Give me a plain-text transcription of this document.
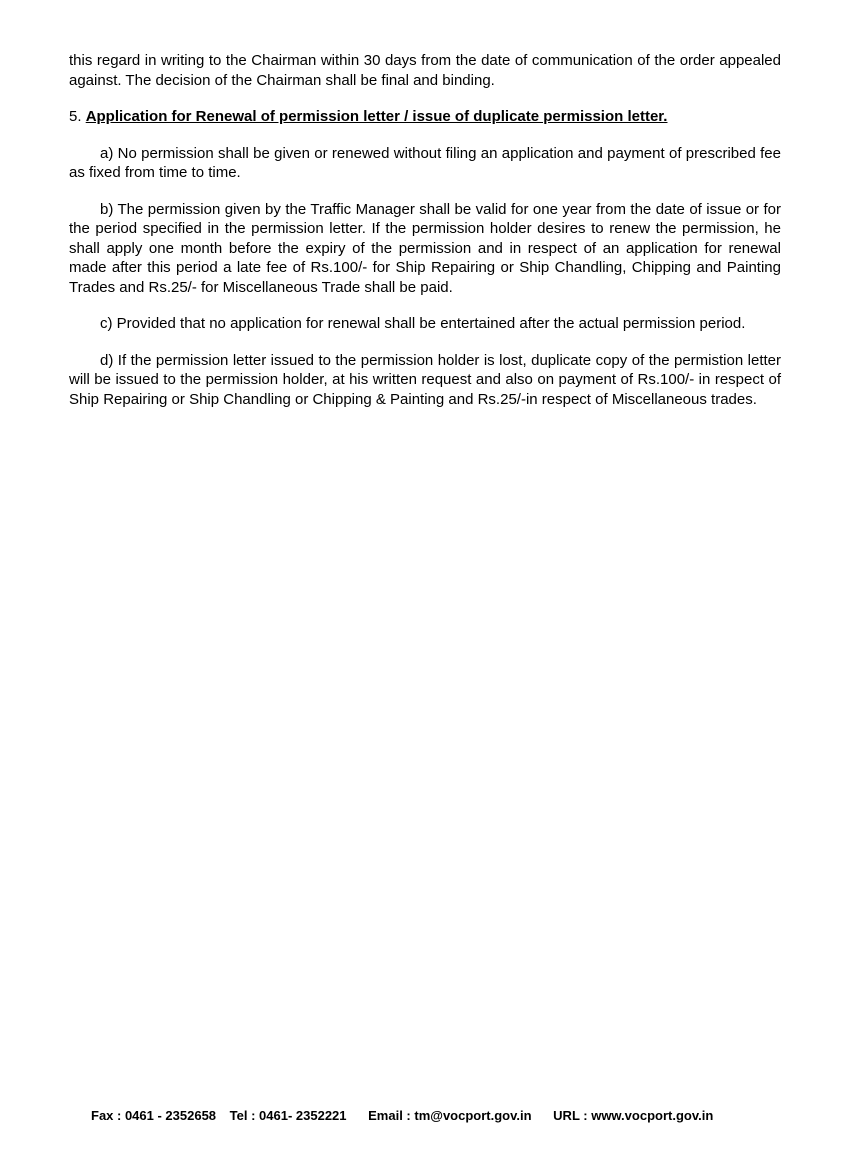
this regard in writing to the Chairman within 30 days from the date of communication of the order appealed against. The decision of the Chairman shall be final and binding.

5. Application for Renewal of permission letter / issue of duplicate permission letter.

a) No permission shall be given or renewed without filing an application and payment of prescribed fee as fixed from time to time.

b) The permission given by the Traffic Manager shall be valid for one year from the date of issue or for the period specified in the permission letter. If the permission holder desires to renew the permission, he shall apply one month before the expiry of the permission and in respect of an application for renewal made after this period a late fee of Rs.100/- for Ship Repairing or Ship Chandling, Chipping and Painting Trades and Rs.25/- for Miscellaneous Trade shall be paid.

c) Provided that no application for renewal shall be entertained after the actual permission period.

d) If the permission letter issued to the permission holder is lost, duplicate copy of the permistion letter will be issued to the permission holder, at his written request and also on payment of Rs.100/- in respect of Ship Repairing or Ship Chandling or Chipping & Painting and Rs.25/-in respect of Miscellaneous trades.

Fax : 0461 - 2352658 Tel : 0461- 2352221 Email : tm@vocport.gov.in URL : www.vocport.gov.in
